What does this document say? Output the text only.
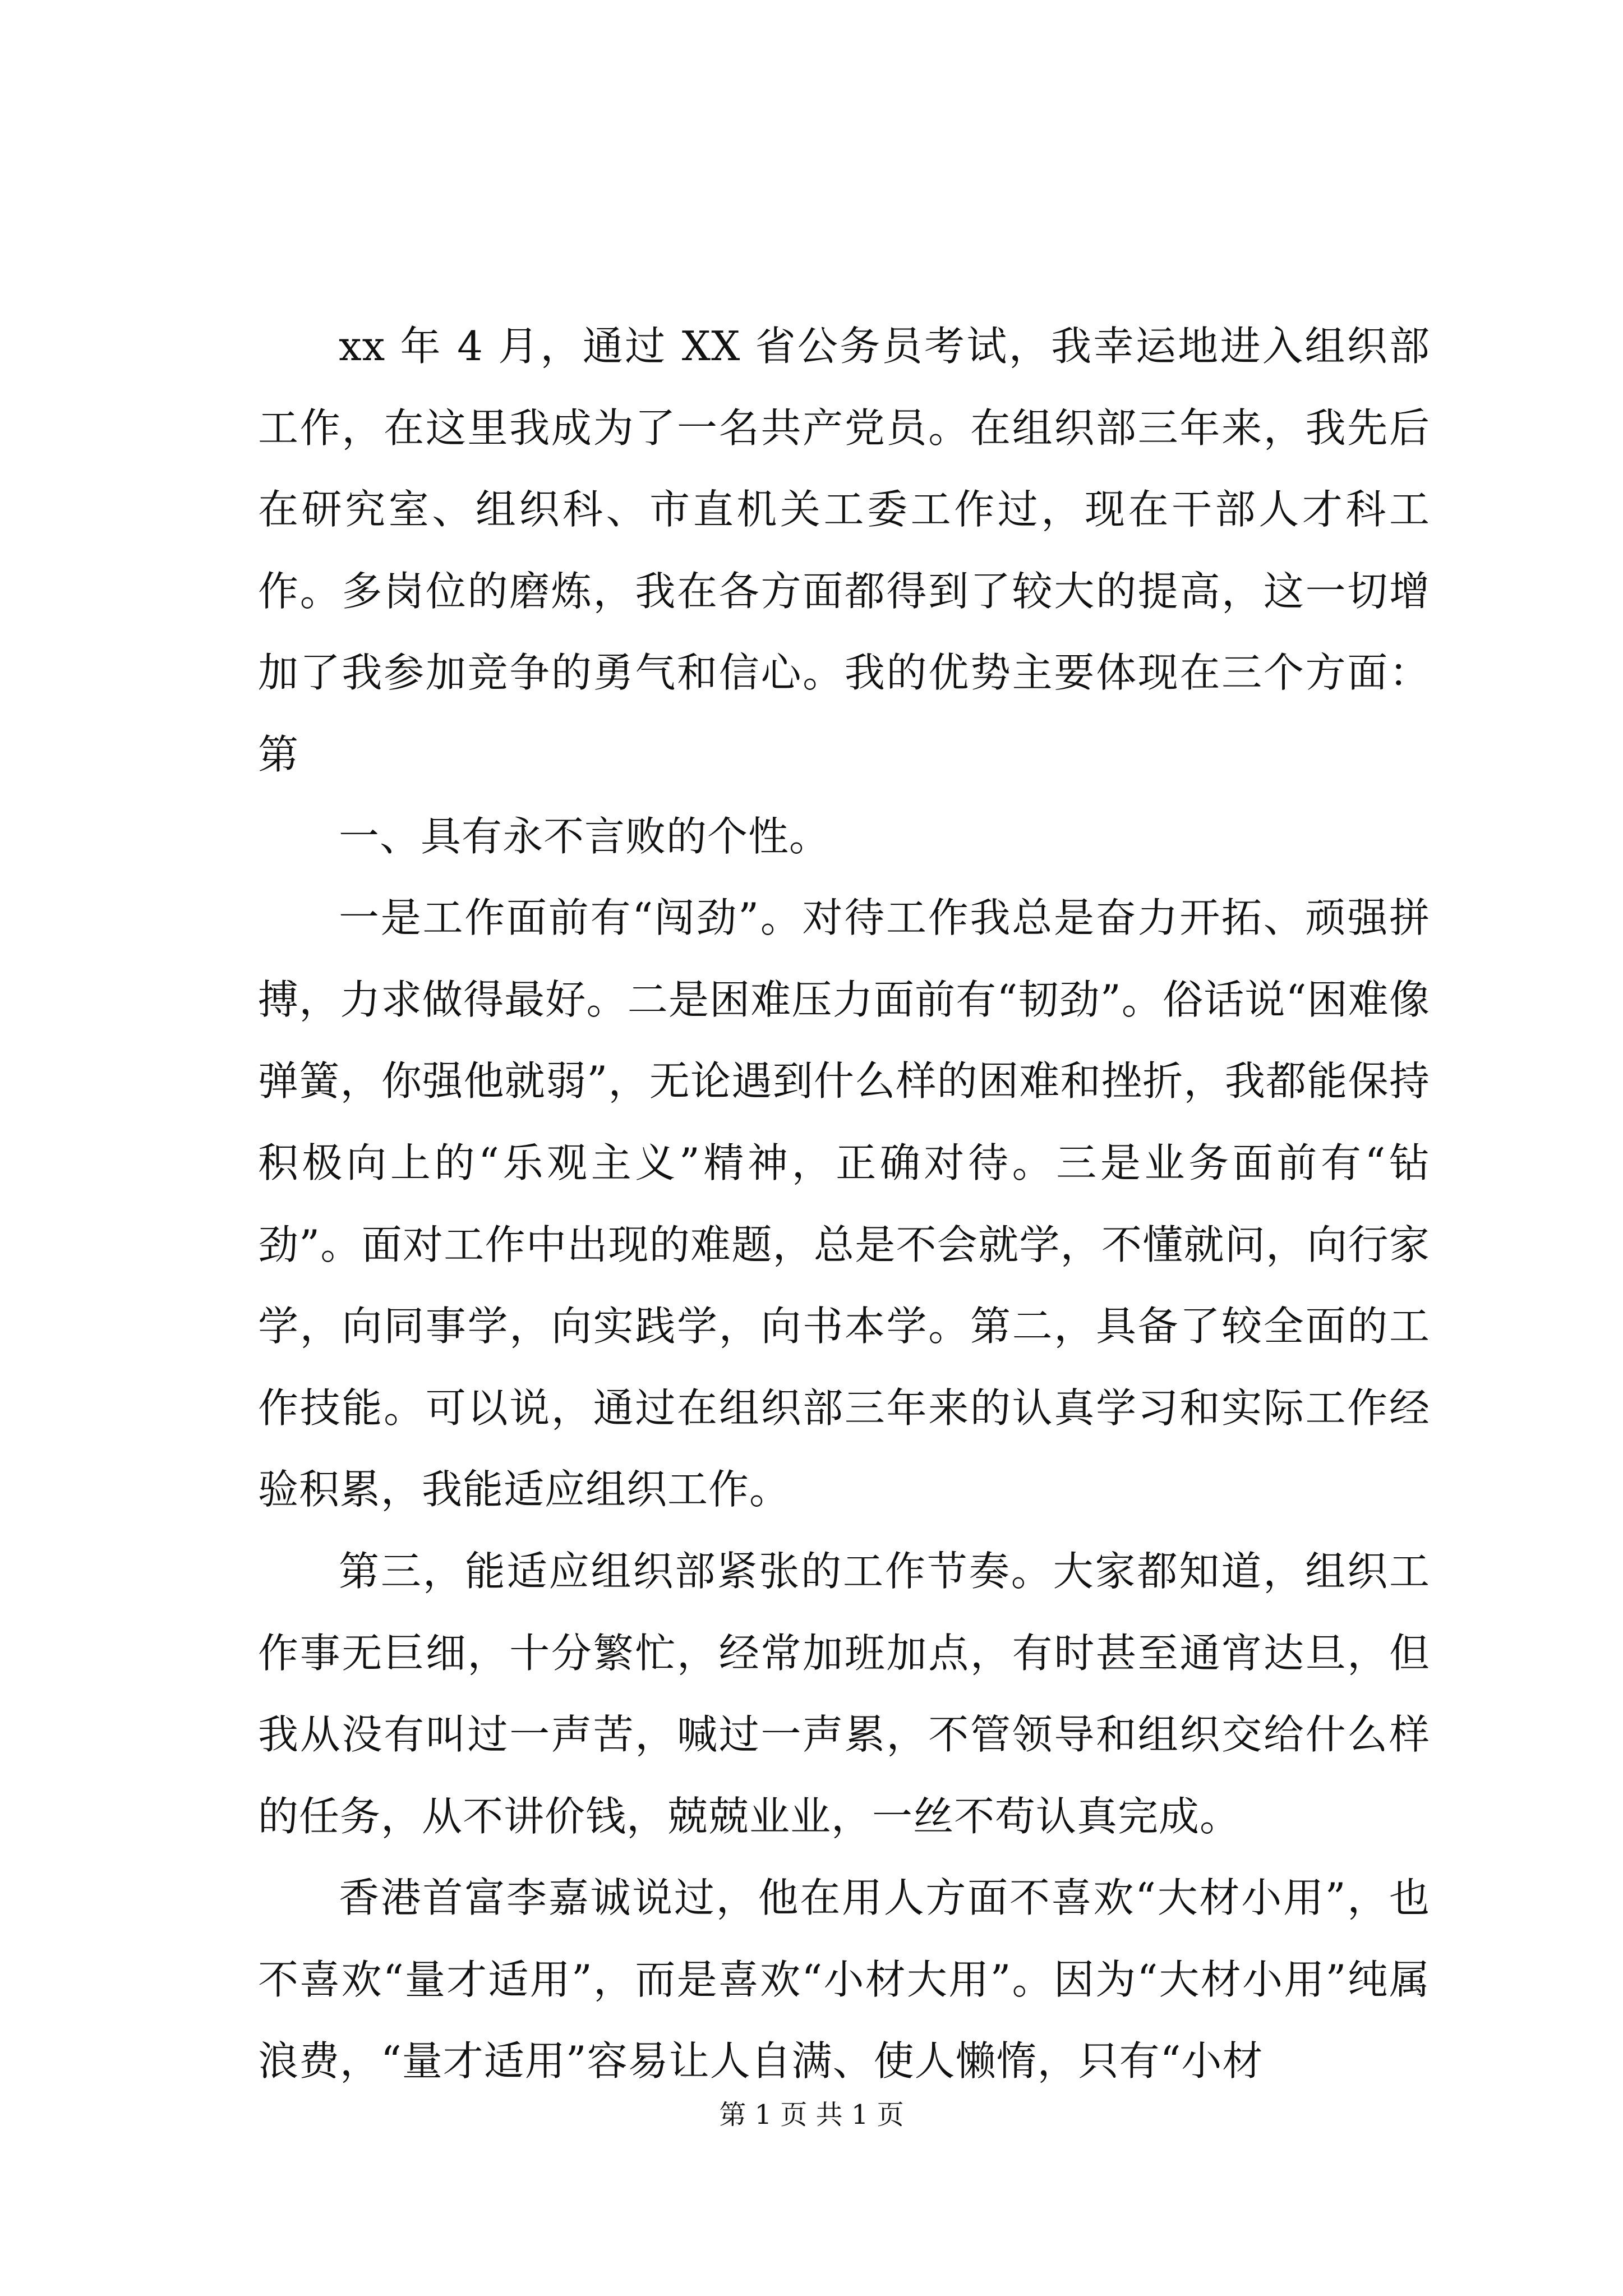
xx 年 4 月，通过 XX 省公务员考试，我幸运地进入组织部工作，在这里我成为了一名共产党员。在组织部三年来，我先后在研究室、组织科、市直机关工委工作过，现在干部人才科工作。多岗位的磨炼，我在各方面都得到了较大的提高，这一切增加了我参加竞争的勇气和信心。我的优势主要体现在三个方面：第

一、具有永不言败的个性。

一是工作面前有“闯劲”。对待工作我总是奋力开拓、顽强拼搏，力求做得最好。二是困难压力面前有“韧劲”。俗话说“困难像弹簧，你强他就弱”，无论遇到什么样的困难和挫折，我都能保持积极向上的“乐观主义”精神，正确对待。三是业务面前有“钻劲”。面对工作中出现的难题，总是不会就学，不懂就问，向行家学，向同事学，向实践学，向书本学。第二，具备了较全面的工作技能。可以说，通过在组织部三年来的认真学习和实际工作经验积累，我能适应组织工作。

第三，能适应组织部紧张的工作节奏。大家都知道，组织工作事无巨细，十分繁忙，经常加班加点，有时甚至通宵达旦，但我从没有叫过一声苦，喊过一声累，不管领导和组织交给什么样的任务，从不讲价钱，兢兢业业，一丝不苟认真完成。

香港首富李嘉诚说过，他在用人方面不喜欢“大材小用”，也不喜欢“量才适用”，而是喜欢“小材大用”。因为“大材小用”纯属浪费，“量才适用”容易让人自满、使人懒惰，只有“小材

第 1 页 共 1 页
